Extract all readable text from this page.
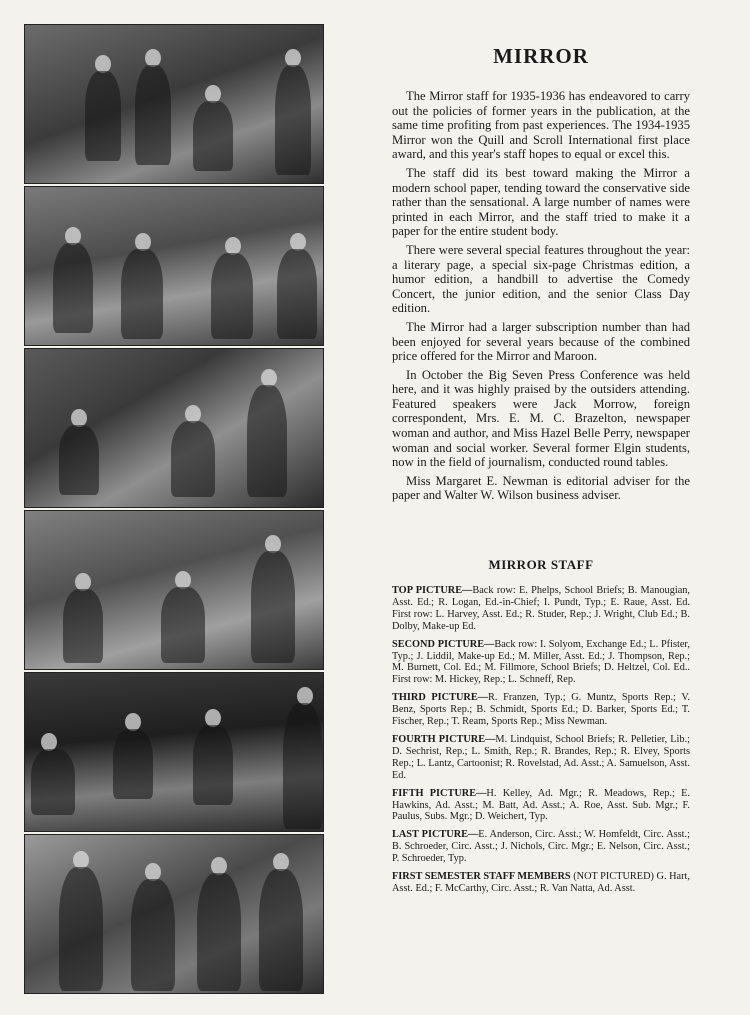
MIRROR

The Mirror staff for 1935-1936 has endeavored to carry out the policies of former years in the publication, at the same time profiting from past experiences. The 1934-1935 Mirror won the Quill and Scroll International first place award, and this year's staff hopes to equal or excel this.

The staff did its best toward making the Mirror a modern school paper, tending toward the conservative side rather than the sensational. A large number of names were printed in each Mirror, and the staff tried to make it a paper for the entire student body.

There were several special features throughout the year: a literary page, a special six-page Christmas edition, a humor edition, a handbill to advertise the Comedy Concert, the junior edition, and the senior Class Day edition.

The Mirror had a larger subscription number than had been enjoyed for several years because of the combined price offered for the Mirror and Maroon.

In October the Big Seven Press Conference was held here, and it was highly praised by the outsiders attending. Featured speakers were Jack Morrow, foreign correspondent, Mrs. E. M. C. Brazelton, newspaper woman and author, and Miss Hazel Belle Perry, newspaper woman and social worker. Several former Elgin students, now in the field of journalism, conducted round tables.

Miss Margaret E. Newman is editorial adviser for the paper and Walter W. Wilson business adviser.

MIRROR STAFF

TOP PICTURE—Back row: E. Phelps, School Briefs; B. Manougian, Asst. Ed.; R. Logan, Ed.-in-Chief; I. Pundt, Typ.; E. Raue, Asst. Ed. First row: L. Harvey, Asst. Ed.; R. Studer, Rep.; J. Wright, Club Ed.; B. Dolby, Make-up Ed.

SECOND PICTURE—Back row: I. Solyom, Exchange Ed.; L. Pfister, Typ.; J. Liddil, Make-up Ed.; M. Miller, Asst. Ed.; J. Thompson, Rep.; M. Burnett, Col. Ed.; M. Fillmore, School Briefs; D. Heltzel, Col. Ed.. First row: M. Hickey, Rep.; L. Schneff, Rep.

THIRD PICTURE—R. Franzen, Typ.; G. Muntz, Sports Rep.; V. Benz, Sports Rep.; B. Schmidt, Sports Ed.; D. Barker, Sports Ed.; T. Fischer, Rep.; T. Ream, Sports Rep.; Miss Newman.

FOURTH PICTURE—M. Lindquist, School Briefs; R. Pelletier, Lib.; D. Sechrist, Rep.; L. Smith, Rep.; R. Brandes, Rep.; R. Elvey, Sports Rep.; L. Lantz, Cartoonist; R. Rovelstad, Ad. Asst.; A. Samuelson, Asst. Ed.

FIFTH PICTURE—H. Kelley, Ad. Mgr.; R. Meadows, Rep.; E. Hawkins, Ad. Asst.; M. Batt, Ad. Asst.; A. Roe, Asst. Sub. Mgr.; F. Paulus, Subs. Mgr.; D. Weichert, Typ.

LAST PICTURE—E. Anderson, Circ. Asst.; W. Homfeldt, Circ. Asst.; B. Schroeder, Circ. Asst.; J. Nichols, Circ. Mgr.; E. Nelson, Circ. Asst.; P. Schroeder, Typ.

FIRST SEMESTER STAFF MEMBERS (NOT PICTURED) G. Hart, Asst. Ed.; F. McCarthy, Circ. Asst.; R. Van Natta, Ad. Asst.
